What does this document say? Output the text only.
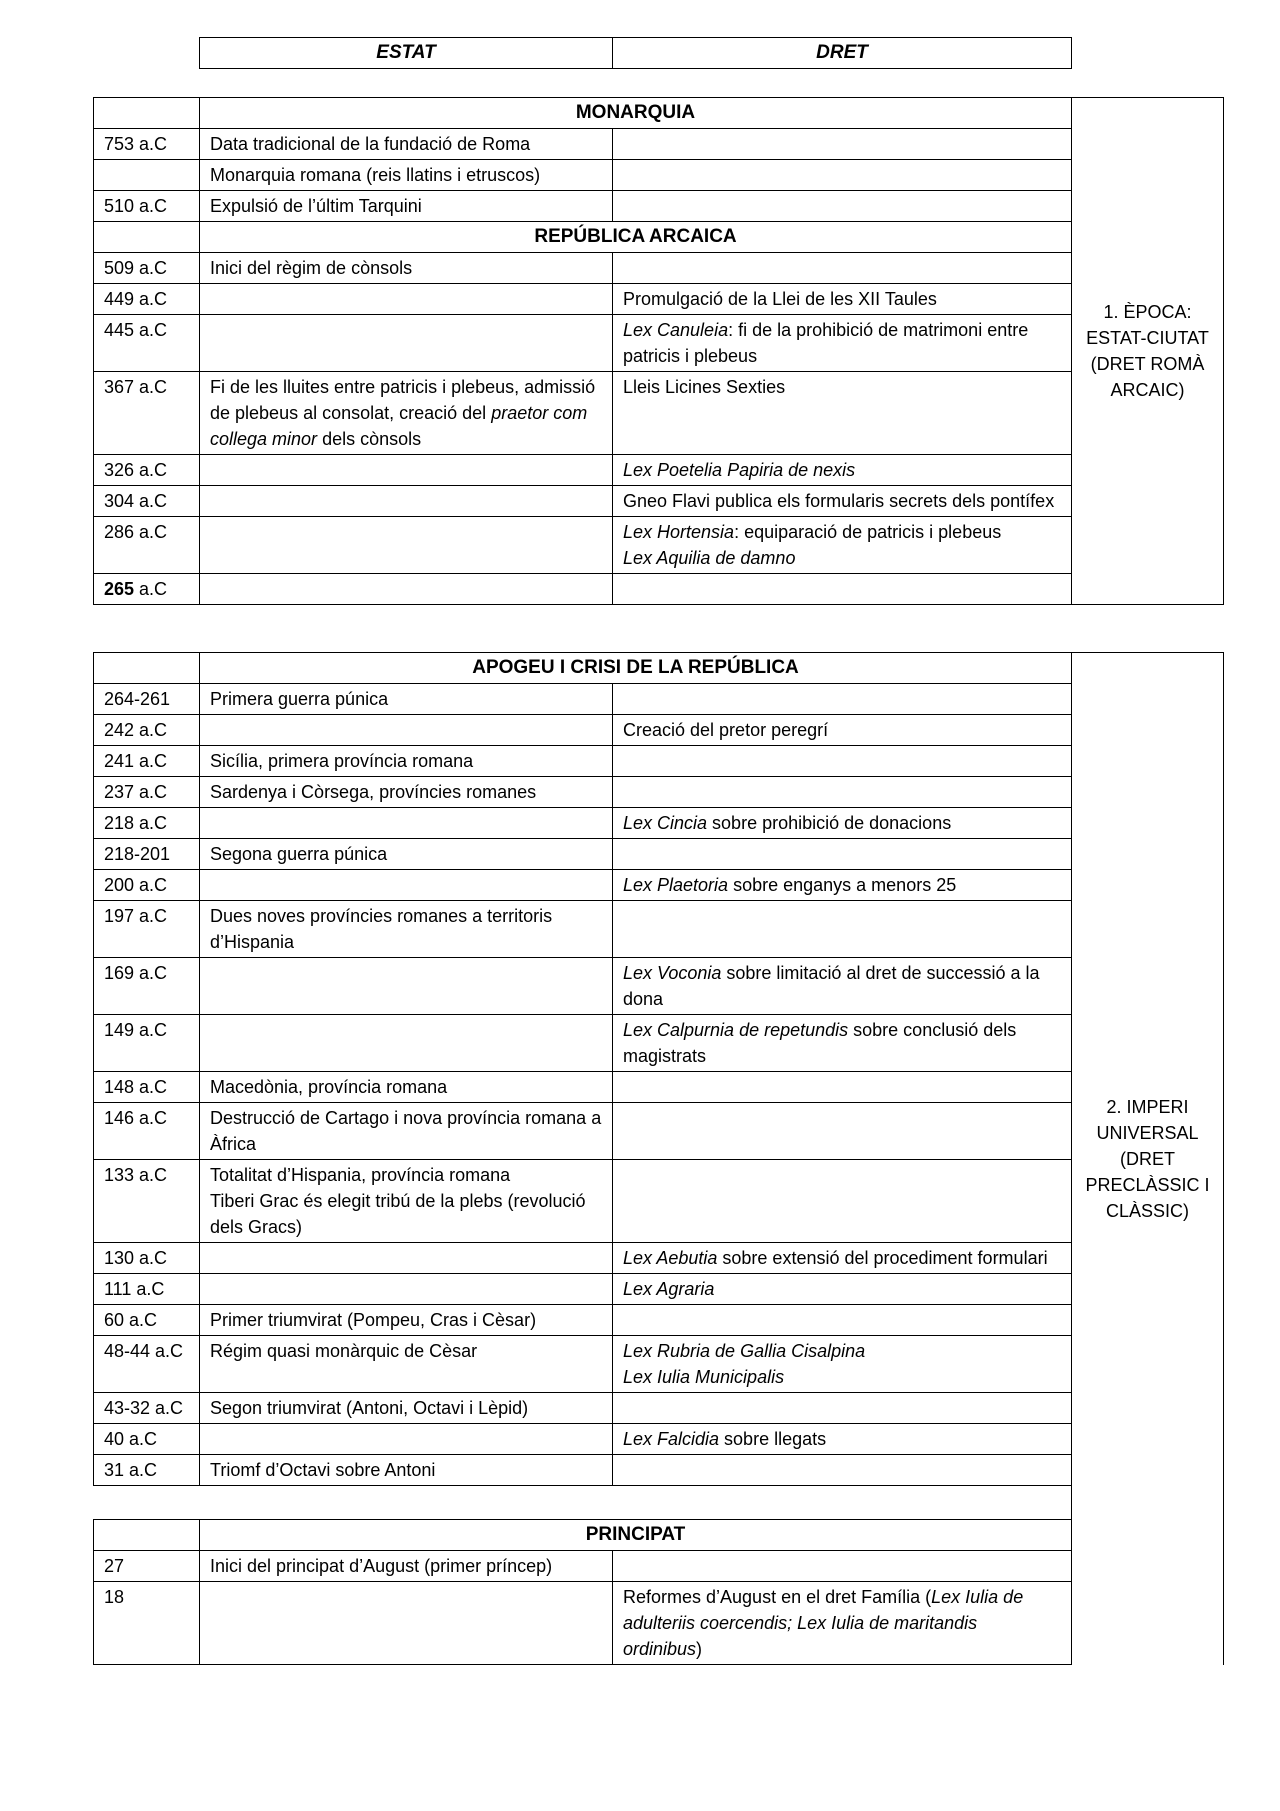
ESTAT	DRET
	MONARQUIA		1. ÈPOCA: ESTAT-CIUTAT (DRET ROMÀ ARCAIC)
753 a.C	Data tradicional de la fundació de Roma		
	Monarquia romana (reis llatins i etruscos)		
510 a.C	Expulsió de l’últim Tarquini		
	REPÚBLICA ARCAICA		
509 a.C	Inici del règim de cònsols		
449 a.C		Promulgació de la Llei de les XII Taules	
445 a.C		Lex Canuleia: fi de la prohibició de matrimoni entre patricis i plebeus	
367 a.C	Fi de les lluites entre patricis i plebeus, admissió de plebeus al consolat, creació del praetor com collega minor dels cònsols	Lleis Licines Sexties	
326 a.C		Lex Poetelia Papiria de nexis	
304 a.C		Gneo Flavi publica els formularis secrets dels pontífex	
286 a.C		Lex Hortensia: equiparació de patricis i plebeus
Lex Aquilia de damno	
265 a.C			
	APOGEU I CRISI DE LA REPÚBLICA		2. IMPERI UNIVERSAL (DRET PRECLÀSSIC I CLÀSSIC)
264-261	Primera guerra púnica		
242 a.C		Creació del pretor peregrí	
241 a.C	Sicília, primera província romana		
237 a.C	Sardenya i Còrsega, províncies romanes		
218 a.C		Lex Cincia sobre prohibició de donacions	
218-201	Segona guerra púnica		
200 a.C		Lex Plaetoria sobre enganys a menors 25	
197 a.C	Dues noves províncies romanes a territoris d’Hispania		
169 a.C		Lex Voconia sobre limitació al dret de successió a la dona	
149 a.C		Lex Calpurnia de repetundis sobre conclusió dels magistrats	
148 a.C	Macedònia, província romana		
146 a.C	Destrucció de Cartago i nova província romana a Àfrica		
133 a.C	Totalitat d’Hispania, província romana
Tiberi Grac és elegit tribú de la plebs (revolució dels Gracs)		
130 a.C		Lex Aebutia sobre extensió del procediment formulari	
111 a.C		Lex Agraria	
60 a.C	Primer triumvirat (Pompeu, Cras i Cèsar)		
48-44 a.C	Régim quasi monàrquic de Cèsar	Lex Rubria de Gallia Cisalpina
Lex Iulia Municipalis	
43-32 a.C	Segon triumvirat (Antoni, Octavi i Lèpid)		
40 a.C		Lex Falcidia sobre llegats	
31 a.C	Triomf d’Octavi sobre Antoni		

	PRINCIPAT		
27	Inici del principat d’August (primer príncep)		
18		Reformes d’August en el dret Família (Lex Iulia de adulteriis coercendis; Lex Iulia de maritandis ordinibus)	
